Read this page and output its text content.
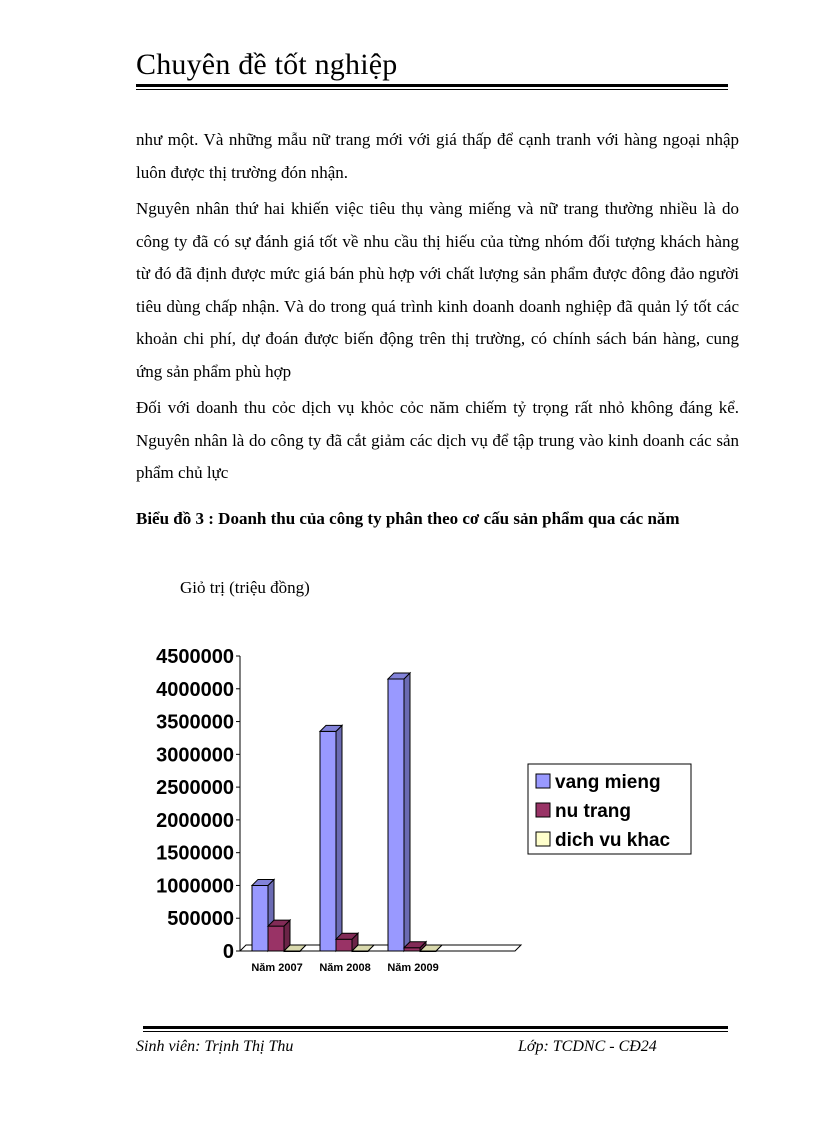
Chuyên đề tốt nghiệp

như một. Và những mẫu nữ trang mới với giá thấp để cạnh tranh với hàng ngoại nhập luôn được thị trường đón nhận.

Nguyên nhân thứ hai khiến việc tiêu thụ vàng miếng và nữ trang thường nhiều là do công ty đã có sự đánh giá tốt về nhu cầu thị hiếu của từng nhóm đối tượng khách hàng từ đó đã định được mức giá bán phù hợp với chất lượng sản phẩm được đông đảo người tiêu dùng chấp nhận. Và do trong quá trình kinh doanh doanh nghiệp đã quản lý tốt các khoản chi phí, dự đoán được biến động trên thị trường, có chính sách bán hàng, cung ứng sản phẩm phù hợp

Đối với doanh thu cỏc dịch vụ khỏc cỏc năm chiếm tỷ trọng rất nhỏ không đáng kể. Nguyên nhân là do công ty đã cắt giảm các dịch vụ để tập trung vào kinh doanh các sản phẩm chủ lực

Biểu đồ 3 : Doanh thu của công ty phân theo cơ cấu sản phẩm qua các năm
Giỏ trị (triệu đồng)
0
500000
1000000
1500000
2000000
2500000
3000000
3500000
4000000
4500000
Năm 2007 Năm 2008 Năm 2009
vang mieng
nu trang
dich vu khac
Sinh viên: Trịnh Thị Thu	Lớp: TCDNC - CĐ24
